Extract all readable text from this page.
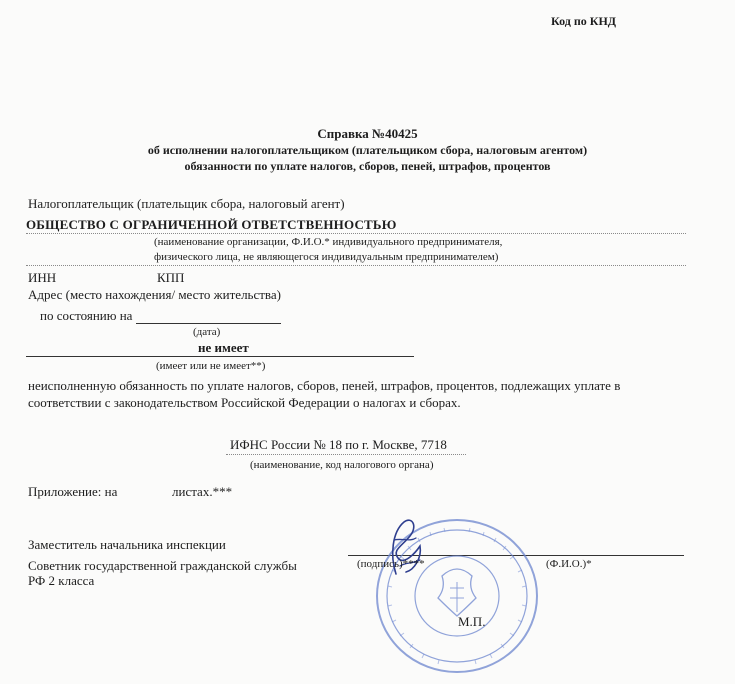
Код по КНД
Справка №40425
об исполнении налогоплательщиком (плательщиком сбора, налоговым агентом)
обязанности по уплате налогов, сборов, пеней, штрафов, процентов
Налогоплательщик (плательщик сбора, налоговый агент)
ОБЩЕСТВО С ОГРАНИЧЕННОЙ ОТВЕТСТВЕННОСТЬЮ
(наименование организации, Ф.И.О.* индивидуального предпринимателя,
физического лица, не являющегося индивидуальным предпринимателем)
ИНН	КПП
Адрес (место нахождения/ место жительства)
по состоянию на
(дата)
не имеет
(имеет или не имеет**)
неисполненную обязанность по уплате налогов, сборов, пеней, штрафов, процентов, подлежащих уплате в
соответствии с законодательством Российской Федерации о налогах и сборах.
ИФНС России № 18 по г. Москве, 7718
(наименование, код налогового органа)
Приложение: на	листах.***
Заместитель начальника инспекции
Советник государственной гражданской службы
РФ 2 класса
(подпись)****	(Ф.И.О.)*
М.П.
